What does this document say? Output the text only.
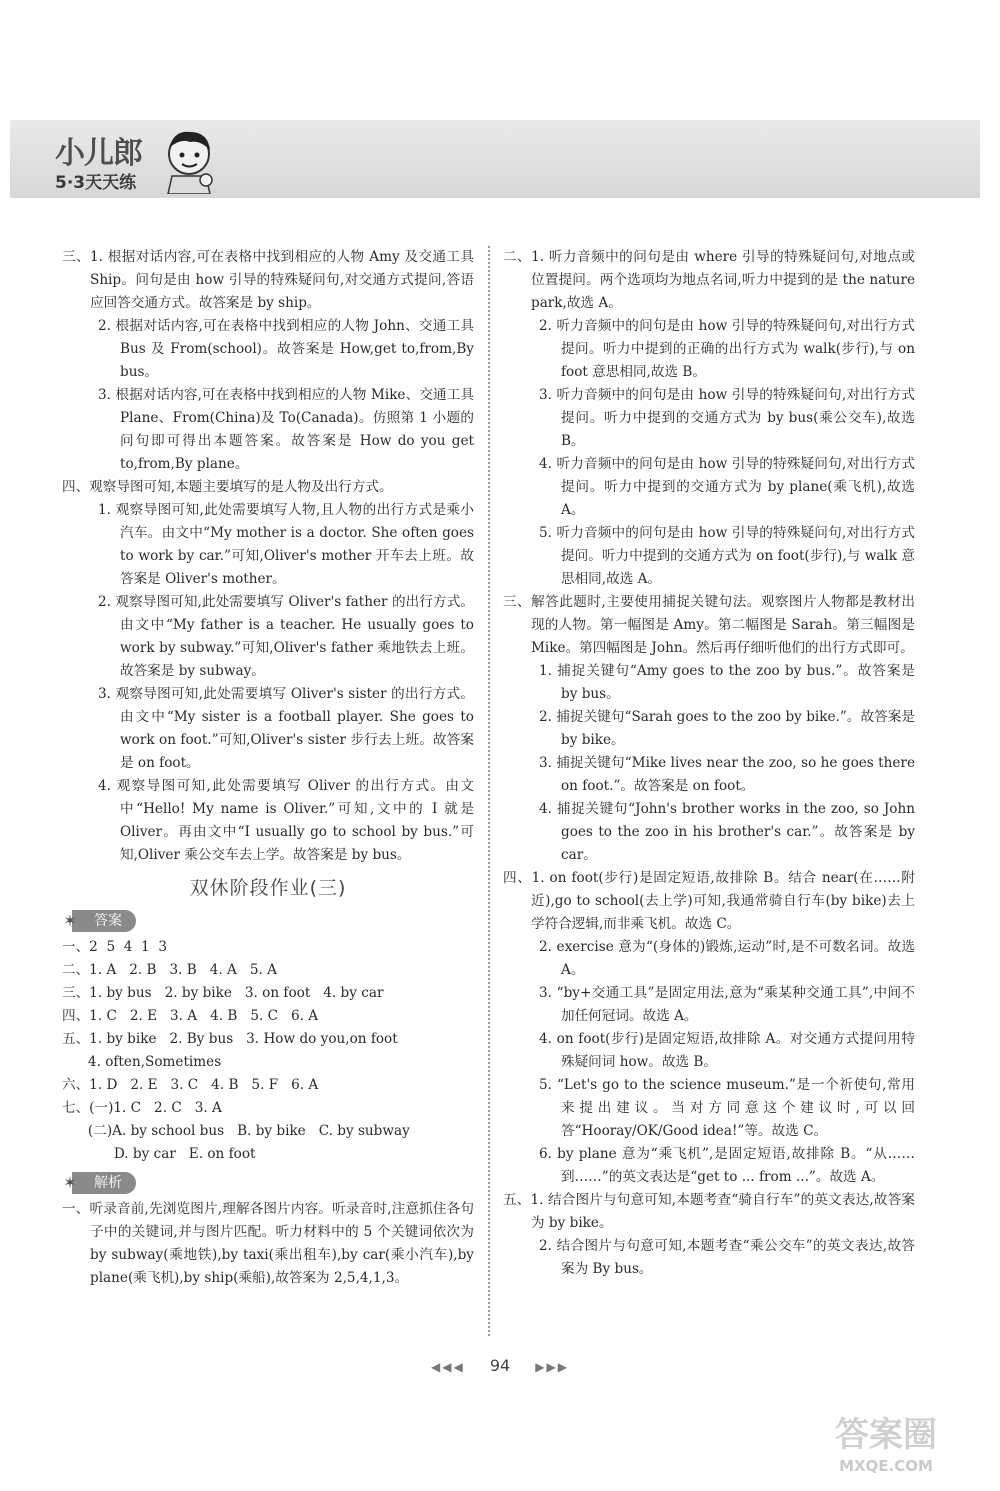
小儿郎
5·3天天练

三、1. 根据对话内容,可在表格中找到相应的人物 Amy 及交通工具 Ship。问句是由 how 引导的特殊疑问句,对交通方式提问,答语应回答交通方式。故答案是 by ship。

2. 根据对话内容,可在表格中找到相应的人物 John、交通工具 Bus 及 From(school)。故答案是 How,get to,from,By bus。

3. 根据对话内容,可在表格中找到相应的人物 Mike、交通工具 Plane、From(China)及 To(Canada)。仿照第 1 小题的问句即可得出本题答案。故答案是 How do you get to,from,By plane。

四、观察导图可知,本题主要填写的是人物及出行方式。

1. 观察导图可知,此处需要填写人物,且人物的出行方式是乘小汽车。由文中“My mother is a doctor. She often goes to work by car.”可知,Oliver's mother 开车去上班。故答案是 Oliver's mother。

2. 观察导图可知,此处需要填写 Oliver's father 的出行方式。由文中“My father is a teacher. He usually goes to work by subway.”可知,Oliver's father 乘地铁去上班。故答案是 by subway。

3. 观察导图可知,此处需要填写 Oliver's sister 的出行方式。由文中“My sister is a football player. She goes to work on foot.”可知,Oliver's sister 步行去上班。故答案是 on foot。

4. 观察导图可知,此处需要填写 Oliver 的出行方式。由文中“Hello! My name is Oliver.”可知,文中的 I 就是 Oliver。再由文中“I usually go to school by bus.”可知,Oliver 乘公交车去上学。故答案是 by bus。

双休阶段作业(三)
✶ 答案

一、2  5  4  1  3

二、1. A   2. B   3. B   4. A   5. A

三、1. by bus   2. by bike   3. on foot   4. by car

四、1. C   2. E   3. A   4. B   5. C   6. A

五、1. by bike   2. By bus   3. How do you,on foot

4. often,Sometimes

六、1. D   2. E   3. C   4. B   5. F   6. A

七、(一)1. C   2. C   3. A

(二)A. by school bus   B. by bike   C. by subway

D. by car   E. on foot

✶ 解析

一、听录音前,先浏览图片,理解各图片内容。听录音时,注意抓住各句子中的关键词,并与图片匹配。听力材料中的 5 个关键词依次为 by subway(乘地铁),by taxi(乘出租车),by car(乘小汽车),by plane(乘飞机),by ship(乘船),故答案为 2,5,4,1,3。

二、1. 听力音频中的问句是由 where 引导的特殊疑问句,对地点或位置提问。两个选项均为地点名词,听力中提到的是 the nature park,故选 A。

2. 听力音频中的问句是由 how 引导的特殊疑问句,对出行方式提问。听力中提到的正确的出行方式为 walk(步行),与 on foot 意思相同,故选 B。

3. 听力音频中的问句是由 how 引导的特殊疑问句,对出行方式提问。听力中提到的交通方式为 by bus(乘公交车),故选 B。

4. 听力音频中的问句是由 how 引导的特殊疑问句,对出行方式提问。听力中提到的交通方式为 by plane(乘飞机),故选 A。

5. 听力音频中的问句是由 how 引导的特殊疑问句,对出行方式提问。听力中提到的交通方式为 on foot(步行),与 walk 意思相同,故选 A。

三、解答此题时,主要使用捕捉关键句法。观察图片人物都是教材出现的人物。第一幅图是 Amy。第二幅图是 Sarah。第三幅图是 Mike。第四幅图是 John。然后再仔细听他们的出行方式即可。

1. 捕捉关键句“Amy goes to the zoo by bus.”。故答案是 by bus。

2. 捕捉关键句“Sarah goes to the zoo by bike.”。故答案是 by bike。

3. 捕捉关键句“Mike lives near the zoo, so he goes there on foot.”。故答案是 on foot。

4. 捕捉关键句“John's brother works in the zoo, so John goes to the zoo in his brother's car.”。故答案是 by car。

四、1. on foot(步行)是固定短语,故排除 B。结合 near(在……附近),go to school(去上学)可知,我通常骑自行车(by bike)去上学符合逻辑,而非乘飞机。故选 C。

2. exercise 意为“(身体的)锻炼,运动”时,是不可数名词。故选 A。

3. “by+交通工具”是固定用法,意为“乘某种交通工具”,中间不加任何冠词。故选 A。

4. on foot(步行)是固定短语,故排除 A。对交通方式提问用特殊疑问词 how。故选 B。

5. “Let's go to the science museum.”是一个祈使句,常用来提出建议。当对方同意这个建议时,可以回答“Hooray/OK/Good idea!”等。故选 C。

6. by plane 意为“乘飞机”,是固定短语,故排除 B。“从……到……”的英文表达是“get to ... from ...”。故选 A。

五、1. 结合图片与句意可知,本题考查“骑自行车”的英文表达,故答案为 by bike。

2. 结合图片与句意可知,本题考查“乘公交车”的英文表达,故答案为 By bus。

◀◀◀ 94 ▶▶▶
答案圈
MXQE.COM
